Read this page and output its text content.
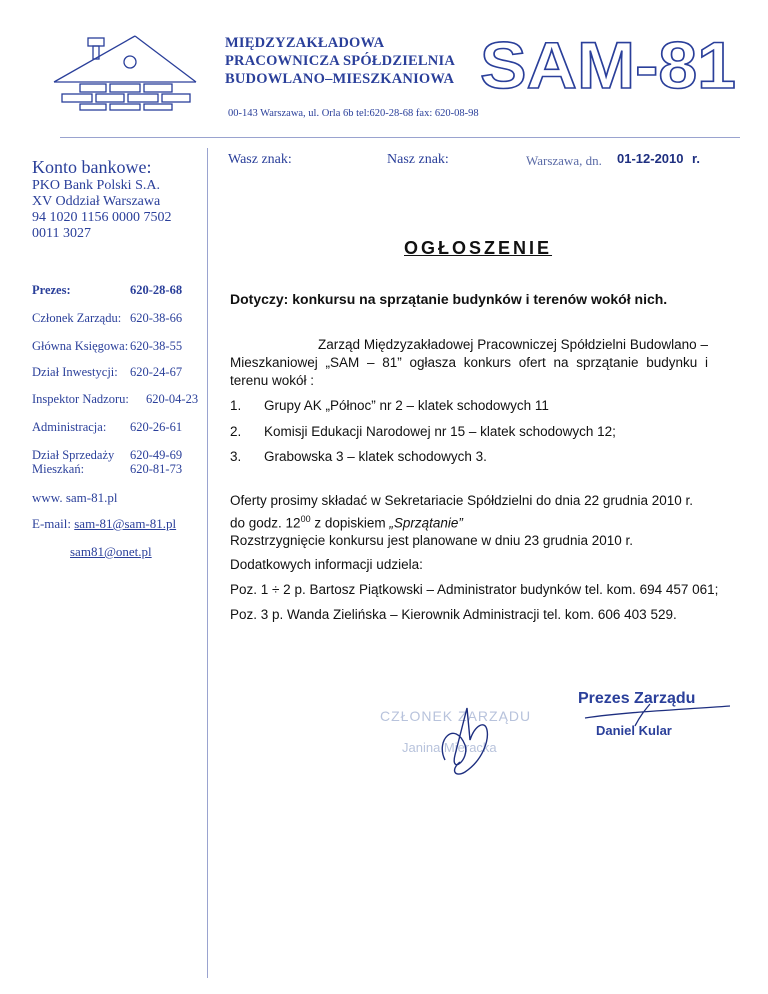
MIĘDZYZAKŁADOWA
PRACOWNICZA SPÓŁDZIELNIA
BUDOWLANO–MIESZKANIOWA SAM-81
00-143 Warszawa, ul. Orla 6b tel:620-28-68 fax: 620-08-98
Konto bankowe:
PKO Bank Polski S.A.
XV Oddział Warszawa
94 1020 1156 0000 7502
0011 3027
Prezes:	620-28-68
Członek Zarządu: 620-38-66
Główna Księgowa: 620-38-55
Dział Inwestycji: 620-24-67
Inspektor Nadzoru: 620-04-23
Administracja: 620-26-61
Dział Sprzedaży 620-49-69
Mieszkań:	620-81-73
www. sam-81.pl
E-mail: sam-81@sam-81.pl
sam81@onet.pl
Wasz znak:	Nasz znak:	Warszawa, dn. 01-12-2010 r.
OGŁOSZENIE
Dotyczy: konkursu na sprzątanie budynków i terenów wokół nich.
Zarząd Międzyzakładowej Pracowniczej Spółdzielni Budowlano – Mieszkaniowej „SAM – 81” ogłasza konkurs ofert na sprzątanie budynku i terenu wokół :
1. Grupy AK „Północ” nr 2 – klatek schodowych 11
2. Komisji Edukacji Narodowej nr 15 – klatek schodowych 12;
3. Grabowska 3 – klatek schodowych 3.
Oferty prosimy składać w Sekretariacie Spółdzielni do dnia 22 grudnia 2010 r. do godz. $12^{00}$ z dopiskiem „Sprzątanie”
Rozstrzygnięcie konkursu jest planowane w dniu 23 grudnia 2010 r.
Dodatkowych informacji udziela:
Poz. 1 ÷ 2 p. Bartosz Piątkowski – Administrator budynków tel. kom. 694 457 061;
Poz. 3 p. Wanda Zielińska – Kierownik Administracji tel. kom. 606 403 529.
CZŁONEK ZARZĄDU
Janina Mieracka
Prezes Zarządu
Daniel Kular
